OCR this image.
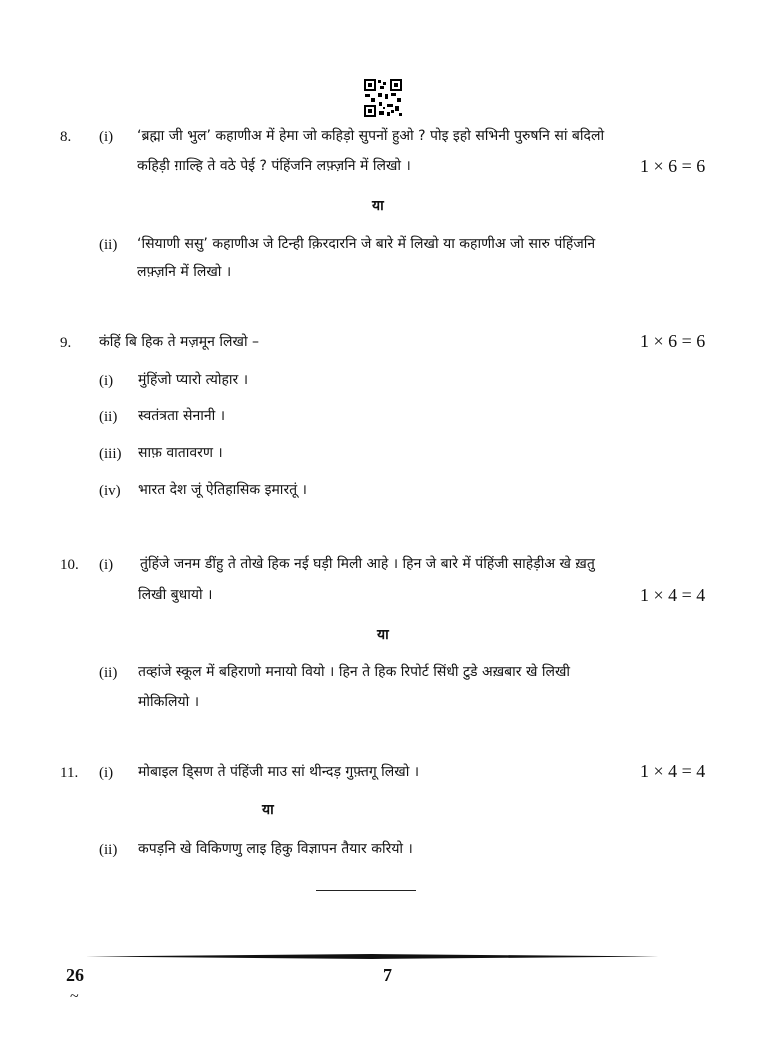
8. (i) ‘ब्रह्मा जी भुल’ कहाणीअ में हेमा जो कहिड़ो सुपनों हुओ ? पोइ इहो सभिनी पुरुषनि सां बदिलो
कहिड़ी ग़ाल्हि ते वठे पेई ? पंहिंजनि लफ़्ज़नि में लिखो ।	1 × 6 = 6
या
(ii) ‘सियाणी ससु’ कहाणीअ जे टिन्ही क़िरदारनि जे बारे में लिखो या कहाणीअ जो सारु पंहिंजनि
लफ़्ज़नि में लिखो ।
9. कंहिं बि हिक ते मज़मून लिखो –	1 × 6 = 6
(i) मुंहिंजो प्यारो त्योहार ।
(ii) स्वतंत्रता सेनानी ।
(iii) साफ़ वातावरण ।
(iv) भारत देश जूं ऐतिहासिक इमारतूं ।
10. (i) तुंहिंजे जनम डींहु ते तोखे हिक नई घड़ी मिली आहे । हिन जे बारे में पंहिंजी साहेड़ीअ खे ख़तु
लिखी बुधायो ।	1 × 4 = 4
या
(ii) तव्हांजे स्कूल में बहिराणो मनायो वियो । हिन ते हिक रिपोर्ट सिंधी टुडे अख़बार खे लिखी
मोकिलियो ।
11. (i) मोबाइल डि्सण ते पंहिंजी माउ सां थीन्दड़ गुफ़्तगू लिखो ।	1 × 4 = 4
या
(ii) कपड़नि खे विकिणणु लाइ हिकु विज्ञापन तैयार करियो ।
26	7
~
